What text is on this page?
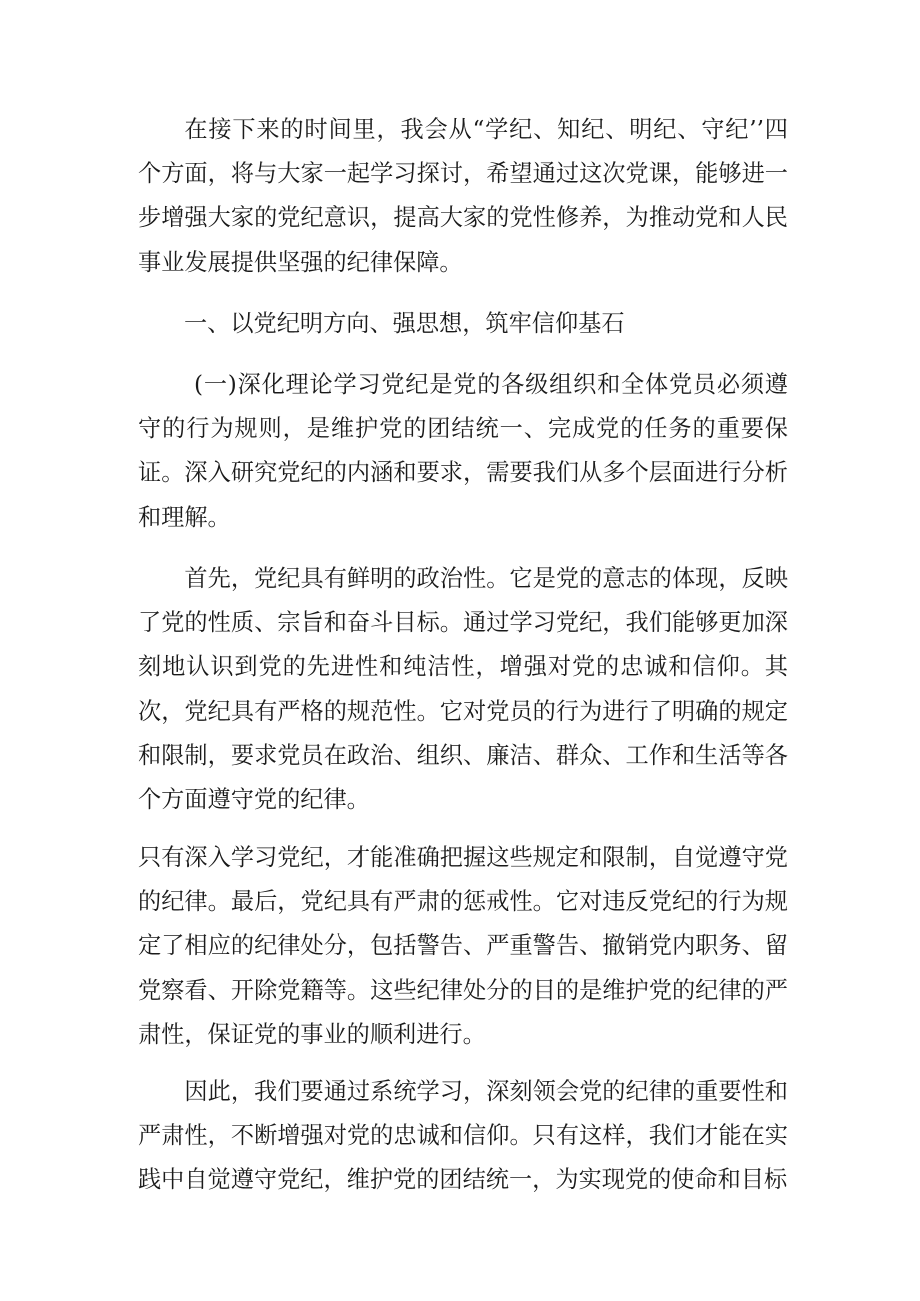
在接下来的时间里，我会从“学纪、知纪、明纪、守纪’’四个方面，将与大家一起学习探讨，希望通过这次党课，能够进一步增强大家的党纪意识，提高大家的党性修养，为推动党和人民事业发展提供坚强的纪律保障。

一、以党纪明方向、强思想，筑牢信仰基石

(一)深化理论学习党纪是党的各级组织和全体党员必须遵守的行为规则，是维护党的团结统一、完成党的任务的重要保证。深入研究党纪的内涵和要求，需要我们从多个层面进行分析和理解。

首先，党纪具有鲜明的政治性。它是党的意志的体现，反映了党的性质、宗旨和奋斗目标。通过学习党纪，我们能够更加深刻地认识到党的先进性和纯洁性，增强对党的忠诚和信仰。其次，党纪具有严格的规范性。它对党员的行为进行了明确的规定和限制，要求党员在政治、组织、廉洁、群众、工作和生活等各个方面遵守党的纪律。

只有深入学习党纪，才能准确把握这些规定和限制，自觉遵守党的纪律。最后，党纪具有严肃的惩戒性。它对违反党纪的行为规定了相应的纪律处分，包括警告、严重警告、撤销党内职务、留党察看、开除党籍等。这些纪律处分的目的是维护党的纪律的严肃性，保证党的事业的顺利进行。

因此，我们要通过系统学习，深刻领会党的纪律的重要性和严肃性，不断增强对党的忠诚和信仰。只有这样，我们才能在实践中自觉遵守党纪，维护党的团结统一，为实现党的使命和目标
